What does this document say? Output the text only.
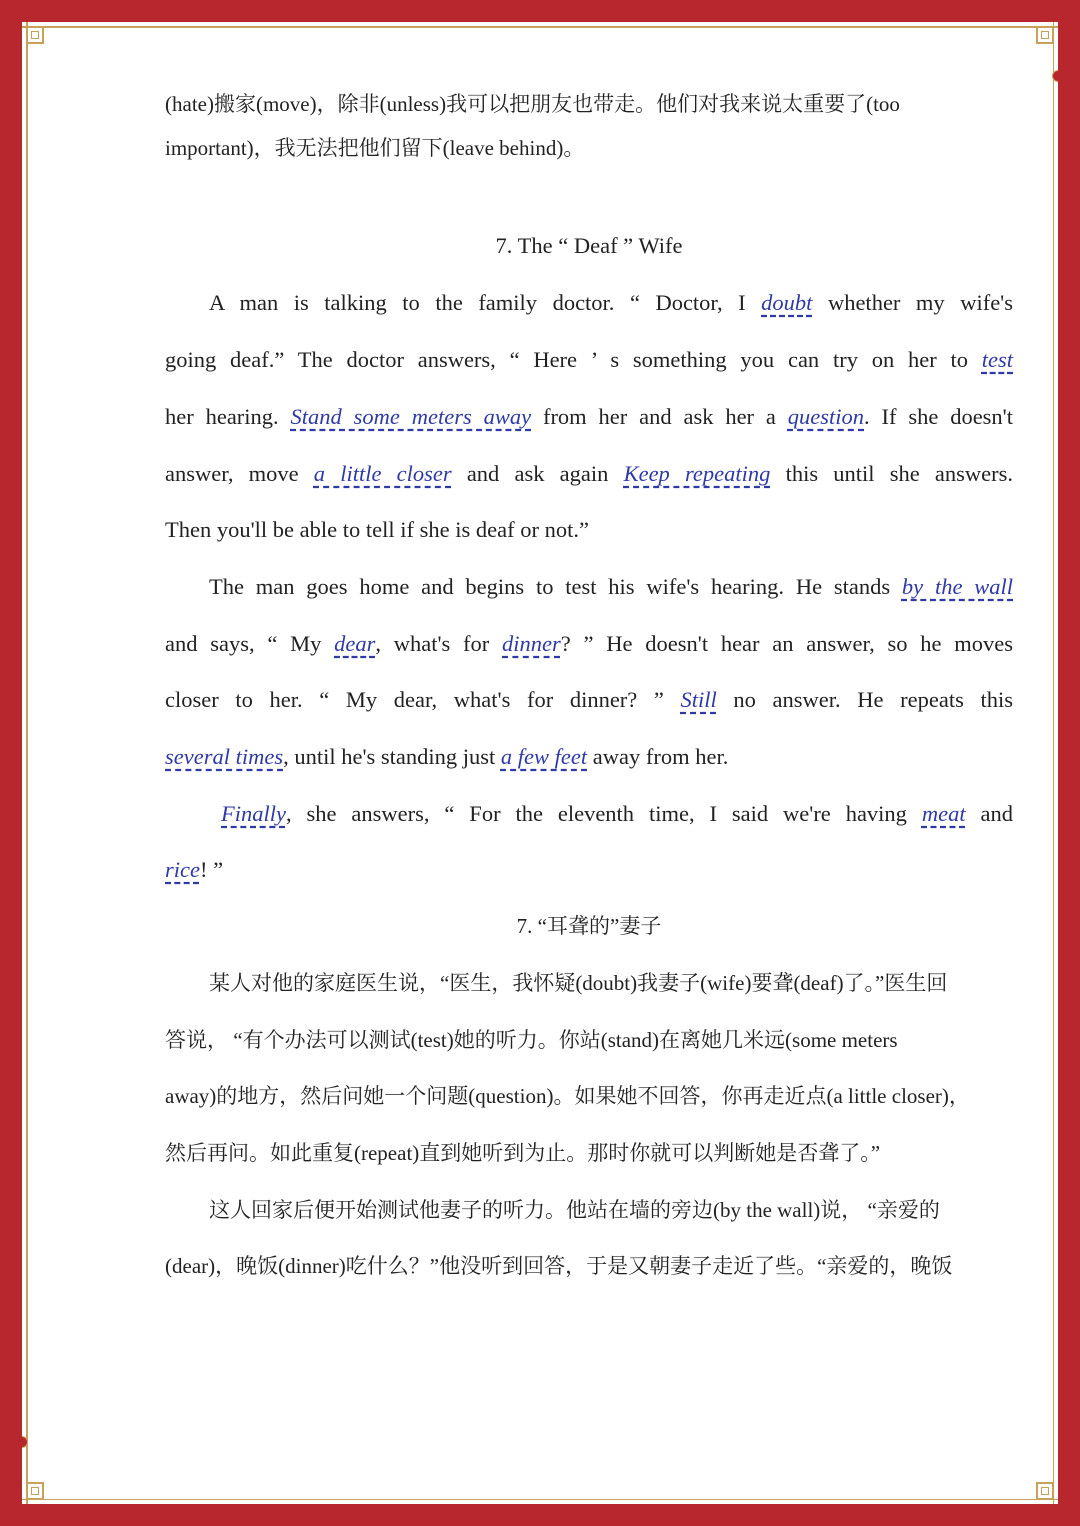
(hate)搬家(move)，除非(unless)我可以把朋友也带走。他们对我来说太重要了(too
important)，我无法把他们留下(leave behind)。
7. The “ Deaf ” Wife
A man is talking to the family doctor. “ Doctor, I doubt whether my wife's
going deaf.” The doctor answers, “ Here ’ s something you can try on her to test
her hearing. Stand some meters away from her and ask her a question. If she doesn't
answer, move a little closer and ask again Keep repeating this until she answers.
Then you'll be able to tell if she is deaf or not.”
The man goes home and begins to test his wife's hearing. He stands by the wall
and says, “ My dear, what's for dinner? ” He doesn't hear an answer, so he moves
closer to her. “ My dear, what's for dinner? ” Still no answer. He repeats this
several times, until he's standing just a few feet away from her.
Finally, she answers, “ For the eleventh time, I said we're having meat and
rice! ”
7. “耳聋的”妻子
某人对他的家庭医生说，“医生，我怀疑(doubt)我妻子(wife)要聋(deaf)了。”医生回
答说， “有个办法可以测试(test)她的听力。你站(stand)在离她几米远(some meters
away)的地方，然后问她一个问题(question)。如果她不回答，你再走近点(a little closer)，
然后再问。如此重复(repeat)直到她听到为止。那时你就可以判断她是否聋了。”
这人回家后便开始测试他妻子的听力。他站在墙的旁边(by the wall)说， “亲爱的
(dear)，晚饭(dinner)吃什么？”他没听到回答，于是又朝妻子走近了些。“亲爱的，晚饭
